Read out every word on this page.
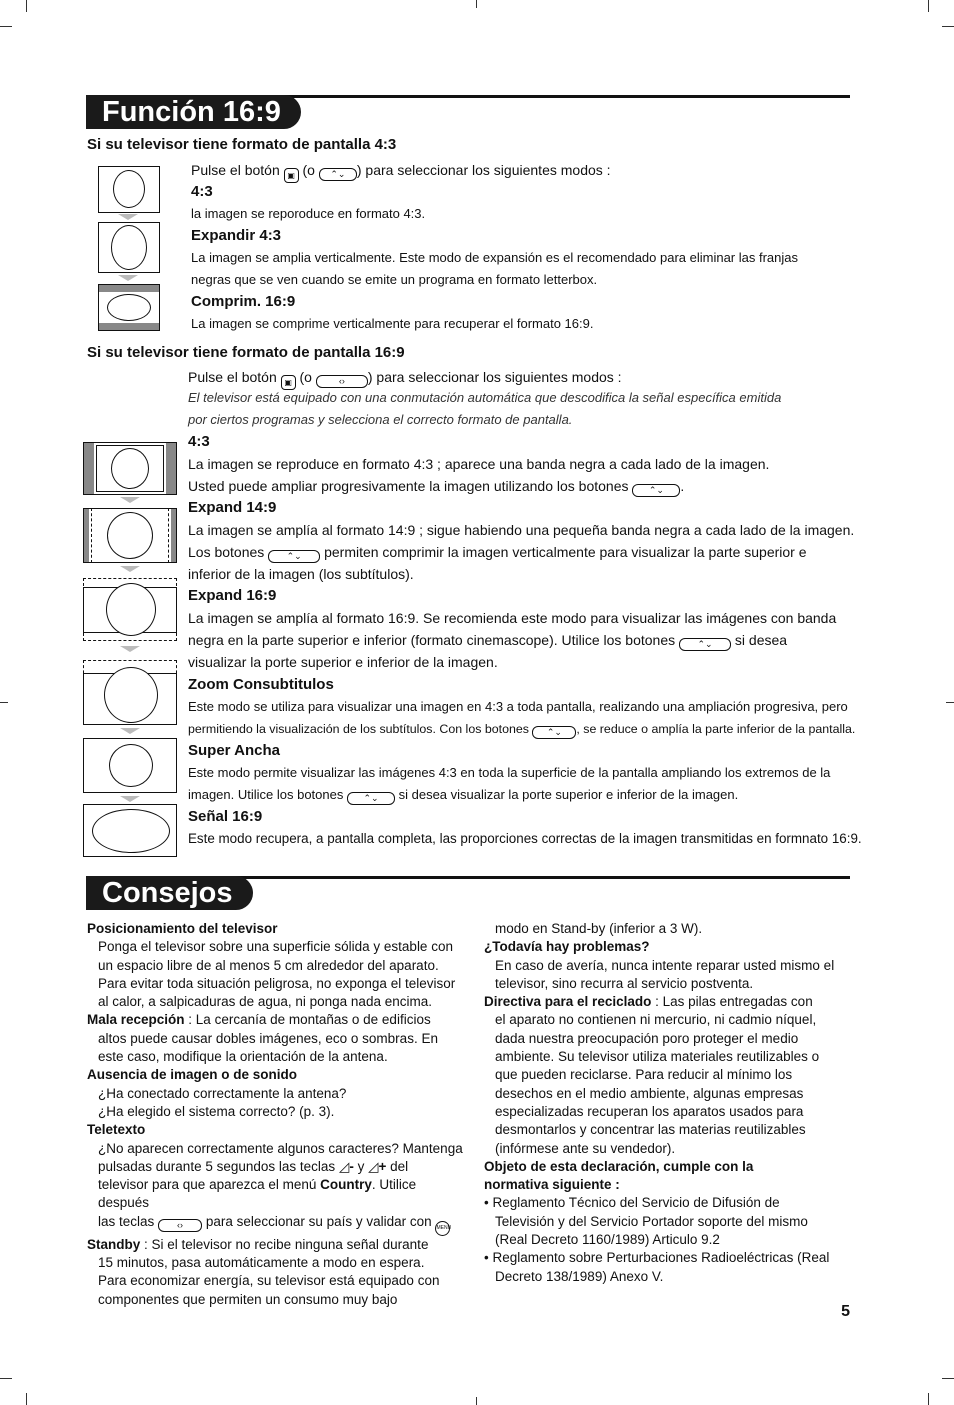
Función 16:9
Si su televisor tiene formato de pantalla 4:3
Pulse el botón ▣ (o ⌃⌄ ) para seleccionar los siguientes modos :
4:3
la imagen se reporoduce en formato 4:3.
Expandir 4:3
La imagen se amplia verticalmente. Este modo de expansión es el recomendado para eliminar las franjas
negras que se ven cuando se emite un programa en formato letterbox.
Comprim. 16:9
La imagen se comprime verticalmente para recuperar el formato 16:9.
Si su televisor tiene formato de pantalla 16:9
Pulse el botón ▣ (o	‹› ) para seleccionar los siguientes modos :
El televisor está equipado con una conmutación automática que descodifica la señal específica emitida
por ciertos programas y selecciona el correcto formato de pantalla.
4:3
La imagen se reproduce en formato 4:3 ; aparece una banda negra a cada lado de la imagen.
Usted puede ampliar progresivamente la imagen utilizando los botones ⌃⌄ .
Expand 14:9
La imagen se amplía al formato 14:9 ; sigue habiendo una pequeña banda negra a cada lado de la imagen.
Los botones ⌃⌄ permiten comprimir la imagen verticalmente para visualizar la parte superior e
inferior de la imagen (los subtítulos).
Expand 16:9
La imagen se amplía al formato 16:9. Se recomienda este modo para visualizar las imágenes con banda
negra en la parte superior e inferior (formato cinemascope). Utilice los botones ⌃⌄ si desea
visualizar la porte superior e inferior de la imagen.
Zoom Consubtitulos
Este modo se utiliza para visualizar una imagen en 4:3 a toda pantalla, realizando una ampliación progresiva, pero
permitiendo la visualización de los subtítulos. Con los botones ⌃⌄ , se reduce o amplía la parte inferior de la pantalla.
Super Ancha
Este modo permite visualizar las imágenes 4:3 en toda la superficie de la pantalla ampliando los extremos de la
imagen. Utilice los botones ⌃⌄ si desea visualizar la porte superior e inferior de la imagen.
Señal 16:9
Este modo recupera, a pantalla completa, las proporciones correctas de la imagen transmitidas en formnato 16:9.
Consejos
Posicionamiento del televisor
Ponga el televisor sobre una superficie sólida y estable con
un espacio libre de al menos 5 cm alrededor del aparato.
Para evitar toda situación peligrosa, no exponga el televisor
al calor, a salpicaduras de agua, ni ponga nada encima.
Mala recepción : La cercanía de montañas o de edificios
altos puede causar dobles imágenes, eco o sombras. En
este caso, modifique la orientación de la antena.
Ausencia de imagen o de sonido
¿Ha conectado correctamente la antena?
¿Ha elegido el sistema correcto? (p. 3).
Teletexto
¿No aparecen correctamente algunos caracteres? Mantenga
pulsadas durante 5 segundos las teclas ◿- y ◿+ del
televisor para que aparezca el menú Country. Utilice después
las teclas	‹› para seleccionar su país y validar con MENU
Standby : Si el televisor no recibe ninguna señal durante
15 minutos, pasa automáticamente a modo en espera.
Para economizar energía, su televisor está equipado con
componentes que permiten un consumo muy bajo
modo en Stand-by (inferior a 3 W).
¿Todavía hay problemas?
En caso de avería, nunca intente reparar usted mismo el
televisor, sino recurra al servicio postventa.
Directiva para el reciclado : Las pilas entregadas con
el aparato no contienen ni mercurio, ni cadmio níquel,
dada nuestra preocupación poro proteger el medio
ambiente. Su televisor utiliza materiales reutilizables o
que pueden reciclarse. Para reducir al mínimo los
desechos en el medio ambiente, algunas empresas
especializadas recuperan los aparatos usados para
desmontarlos y concentrar las materias reutilizables
(infórmese ante su vendedor).
Objeto de esta declaración, cumple con la
normativa siguiente :
• Reglamento Técnico del Servicio de Difusión de
Televisión y del Servicio Portador soporte del mismo
(Real Decreto 1160/1989) Articulo 9.2
• Reglamento sobre Perturbaciones Radioeléctricas (Real
Decreto 138/1989) Anexo V.
5
